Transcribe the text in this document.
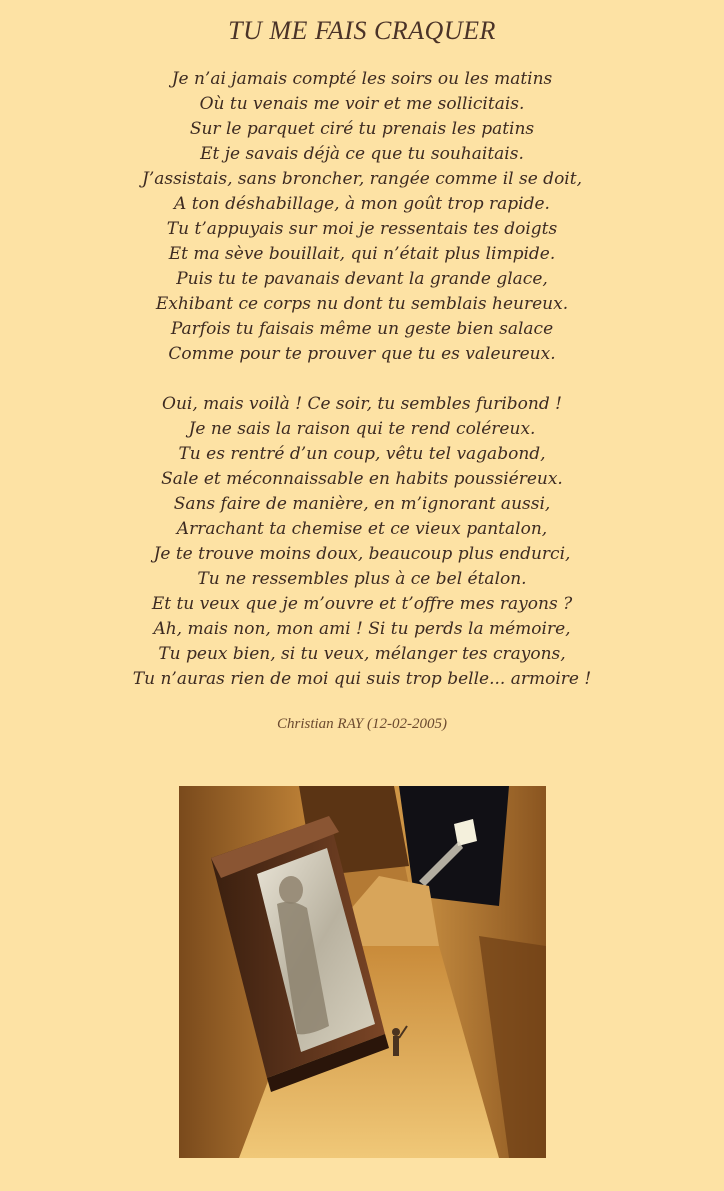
TU ME FAIS CRAQUER
Je n’ai jamais compté les soirs ou les matins
Où tu venais me voir et me sollicitais.
Sur le parquet ciré tu prenais les patins
Et je savais déjà ce que tu souhaitais.
J’assistais, sans broncher, rangée comme il se doit,
A ton déshabillage, à mon goût trop rapide.
Tu t’appuyais sur moi je ressentais tes doigts
Et ma sève bouillait, qui n’était plus limpide.
Puis tu te pavanais devant la grande glace,
Exhibant ce corps nu dont tu semblais heureux.
Parfois tu faisais même un geste bien salace
Comme pour te prouver que tu es valeureux.
Oui, mais voilà ! Ce soir, tu sembles furibond !
Je ne sais la raison qui te rend coléreux.
Tu es rentré d’un coup, vêtu tel vagabond,
Sale et méconnaissable en habits poussiéreux.
Sans faire de manière, en m’ignorant aussi,
Arrachant ta chemise et ce vieux pantalon,
Je te trouve moins doux, beaucoup plus endurci,
Tu ne ressembles plus à ce bel étalon.
Et tu veux que je m’ouvre et t’offre mes rayons ?
Ah, mais non, mon ami ! Si tu perds la mémoire,
Tu peux bien, si tu veux, mélanger tes crayons,
Tu n’auras rien de moi qui suis trop belle... armoire !
Christian RAY (12-02-2005)
